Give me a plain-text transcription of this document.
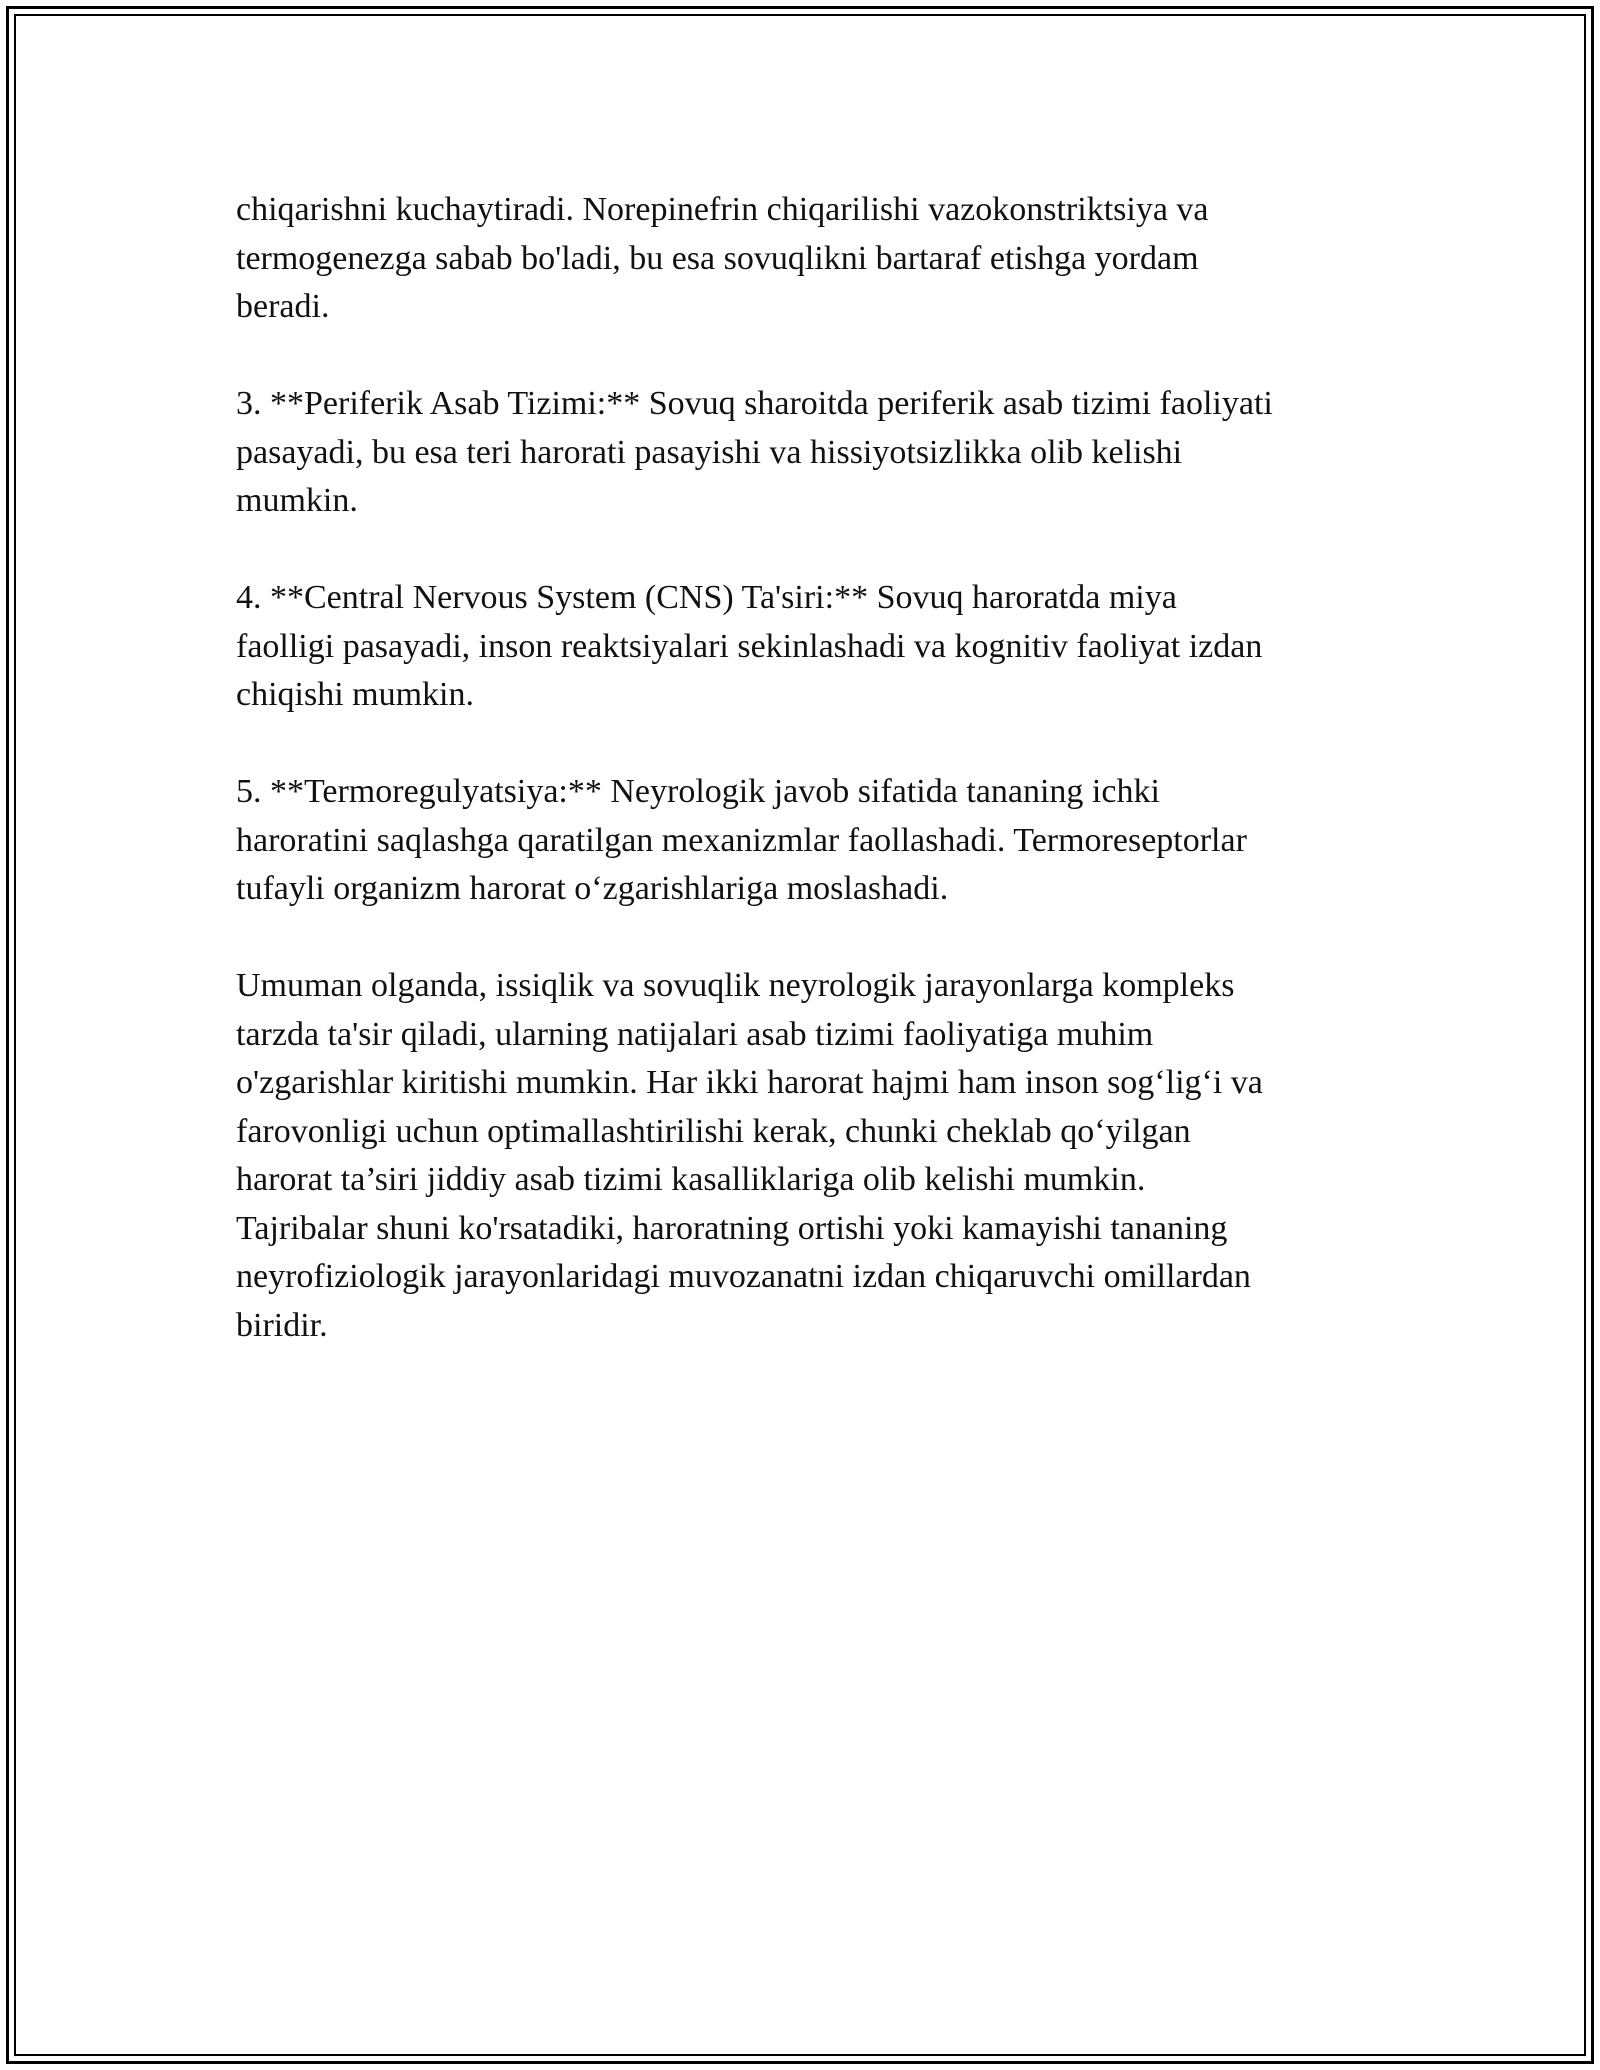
chiqarishni kuchaytiradi. Norepinefrin chiqarilishi vazokonstriktsiya va
termogenezga sabab bo'ladi, bu esa sovuqlikni bartaraf etishga yordam
beradi.

3. **Periferik Asab Tizimi:** Sovuq sharoitda periferik asab tizimi faoliyati
pasayadi, bu esa teri harorati pasayishi va hissiyotsizlikka olib kelishi
mumkin.

4. **Central Nervous System (CNS) Ta'siri:** Sovuq haroratda miya
faolligi pasayadi, inson reaktsiyalari sekinlashadi va kognitiv faoliyat izdan
chiqishi mumkin.

5. **Termoregulyatsiya:** Neyrologik javob sifatida tananing ichki
haroratini saqlashga qaratilgan mexanizmlar faollashadi. Termoreseptorlar
tufayli organizm harorat o‘zgarishlariga moslashadi.

Umuman olganda, issiqlik va sovuqlik neyrologik jarayonlarga kompleks
tarzda ta'sir qiladi, ularning natijalari asab tizimi faoliyatiga muhim
o'zgarishlar kiritishi mumkin. Har ikki harorat hajmi ham inson sog‘lig‘i va
farovonligi uchun optimallashtirilishi kerak, chunki cheklab qo‘yilgan
harorat ta’siri jiddiy asab tizimi kasalliklariga olib kelishi mumkin.
Tajribalar shuni ko'rsatadiki, haroratning ortishi yoki kamayishi tananing
neyrofiziologik jarayonlaridagi muvozanatni izdan chiqaruvchi omillardan
biridir.
